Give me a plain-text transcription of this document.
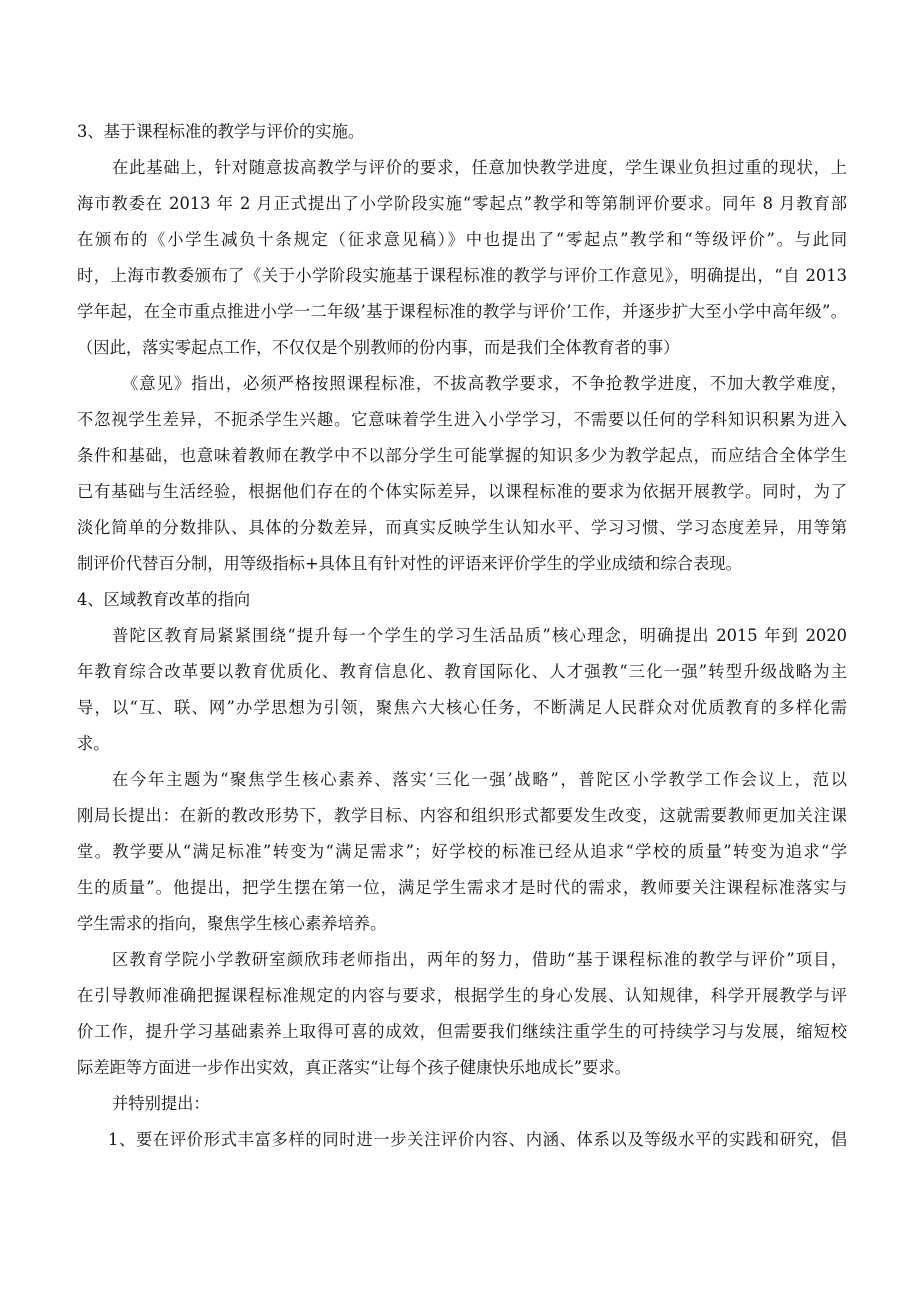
3、基于课程标准的教学与评价的实施。
在此基础上，针对随意拔高教学与评价的要求，任意加快教学进度，学生课业负担过重的现状，上
海市教委在 2013 年 2 月正式提出了小学阶段实施“零起点”教学和等第制评价要求。同年 8 月教育部
在颁布的《小学生减负十条规定（征求意见稿）》中也提出了“零起点”教学和“等级评价”。与此同
时，上海市教委颁布了《关于小学阶段实施基于课程标准的教学与评价工作意见》，明确提出，“自 2013
学年起，在全市重点推进小学一二年级’基于课程标准的教学与评价’工作，并逐步扩大至小学中高年级”。
（因此，落实零起点工作，不仅仅是个别教师的份内事，而是我们全体教育者的事）
《意见》指出，必须严格按照课程标准，不拔高教学要求，不争抢教学进度，不加大教学难度，
不忽视学生差异，不扼杀学生兴趣。它意味着学生进入小学学习，不需要以任何的学科知识积累为进入
条件和基础，也意味着教师在教学中不以部分学生可能掌握的知识多少为教学起点，而应结合全体学生
已有基础与生活经验，根据他们存在的个体实际差异，以课程标准的要求为依据开展教学。同时，为了
淡化简单的分数排队、具体的分数差异，而真实反映学生认知水平、学习习惯、学习态度差异，用等第
制评价代替百分制，用等级指标+具体且有针对性的评语来评价学生的学业成绩和综合表现。
4、区域教育改革的指向
普陀区教育局紧紧围绕“提升每一个学生的学习生活品质”核心理念，明确提出 2015 年到 2020
年教育综合改革要以教育优质化、教育信息化、教育国际化、人才强教“三化一强”转型升级战略为主
导，以“互、联、网”办学思想为引领，聚焦六大核心任务，不断满足人民群众对优质教育的多样化需
求。
在今年主题为“聚焦学生核心素养、落实‘三化一强’战略”，普陀区小学教学工作会议上，范以
刚局长提出：在新的教改形势下，教学目标、内容和组织形式都要发生改变，这就需要教师更加关注课
堂。教学要从“满足标准”转变为“满足需求”；好学校的标准已经从追求“学校的质量”转变为追求“学
生的质量”。他提出，把学生摆在第一位，满足学生需求才是时代的需求，教师要关注课程标准落实与
学生需求的指向，聚焦学生核心素养培养。
区教育学院小学教研室颜欣玮老师指出，两年的努力，借助“基于课程标准的教学与评价”项目，
在引导教师准确把握课程标准规定的内容与要求，根据学生的身心发展、认知规律，科学开展教学与评
价工作，提升学习基础素养上取得可喜的成效，但需要我们继续注重学生的可持续学习与发展，缩短校
际差距等方面进一步作出实效，真正落实“让每个孩子健康快乐地成长”要求。
并特别提出：
1、要在评价形式丰富多样的同时进一步关注评价内容、内涵、体系以及等级水平的实践和研究，倡
